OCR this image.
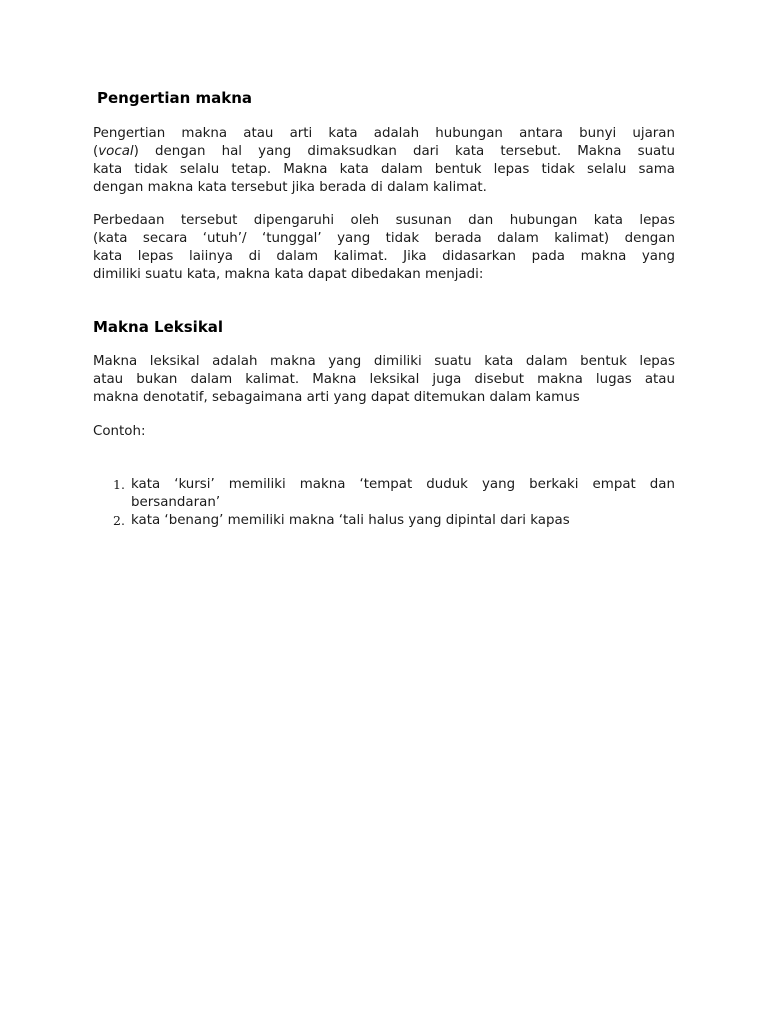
Pengertian makna
Pengertian makna atau arti kata adalah hubungan antara bunyi ujaran
(vocal) dengan hal yang dimaksudkan dari kata tersebut. Makna suatu
kata tidak selalu tetap. Makna kata dalam bentuk lepas tidak selalu sama
dengan makna kata tersebut jika berada di dalam kalimat.
Perbedaan tersebut dipengaruhi oleh susunan dan hubungan kata lepas
(kata secara ‘utuh’/ ‘tunggal’ yang tidak berada dalam kalimat) dengan
kata lepas laiinya di dalam kalimat. Jika didasarkan pada makna yang
dimiliki suatu kata, makna kata dapat dibedakan menjadi:
Makna Leksikal
Makna leksikal adalah makna yang dimiliki suatu kata dalam bentuk lepas
atau bukan dalam kalimat. Makna leksikal juga disebut makna lugas atau
makna denotatif, sebagaimana arti yang dapat ditemukan dalam kamus
Contoh:
1. kata ‘kursi’ memiliki makna ‘tempat duduk yang berkaki empat dan
bersandaran’
2. kata ‘benang’ memiliki makna ‘tali halus yang dipintal dari kapas
